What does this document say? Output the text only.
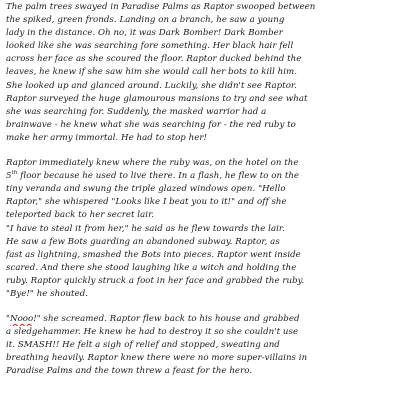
The palm trees swayed in Paradise Palms as Raptor swooped between
the spiked, green fronds. Landing on a branch, he saw a young
lady in the distance. Oh no, it was Dark Bomber! Dark Bomber
looked like she was searching fore something. Her black hair fell
across her face as she scoured the floor. Raptor ducked behind the
leaves, he knew if she saw him she would call her bots to kill him.
She looked up and glanced around. Luckily, she didn't see Raptor.
Raptor surveyed the huge glamourous mansions to try and see what
she was searching for. Suddenly, the masked warrior had a
brainwave - he knew what she was searching for - the red ruby to
make her army immortal. He had to stop her!
Raptor immediately knew where the ruby was, on the hotel on the
5th floor because he used to live there. In a flash, he flew to on the
tiny veranda and swung the triple glazed windows open. "Hello
Raptor," she whispered "Looks like I beat you to it!" and off she
teleported back to her secret lair.
"I have to steal it from her," he said as he flew towards the lair.
He saw a few Bots guarding an abandoned subway. Raptor, as
fast as lightning, smashed the Bots into pieces. Raptor went inside
scared. And there she stood laughing like a witch and holding the
ruby. Raptor quickly struck a foot in her face and grabbed the ruby.
"Bye!" he shouted.
"Nooo!" she screamed. Raptor flew back to his house and grabbed
a sledgehammer. He knew he had to destroy it so she couldn't use
it. SMASH!! He felt a sigh of relief and stopped, sweating and
breathing heavily. Raptor knew there were no more super-villains in
Paradise Palms and the town threw a feast for the hero.
